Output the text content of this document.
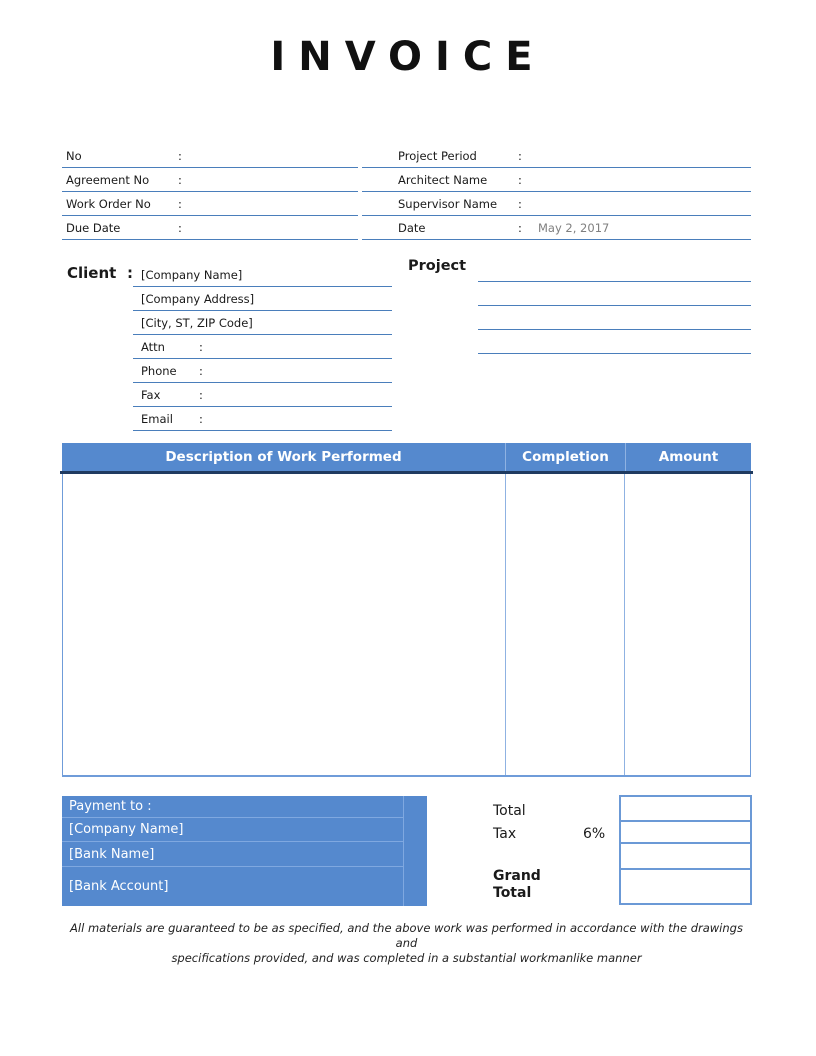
INVOICE
No	:
Agreement No	:
Work Order No :
Due Date	:
Project Period	:
Architect Name	:
Supervisor Name :
Date	: May 2, 2017
Client : [Company Name]
[Company Address]
[City, ST, ZIP Code]
Attn	:
Phone :
Fax	:
Email :
Project
Description of Work Performed	Completion	Amount
Payment to :
[Company Name]
[Bank Name]
[Bank Account]
Total
Tax	6%
Grand Total
All materials are guaranteed to be as specified, and the above work was performed in accordance with the drawings and
specifications provided, and was completed in a substantial workmanlike manner
